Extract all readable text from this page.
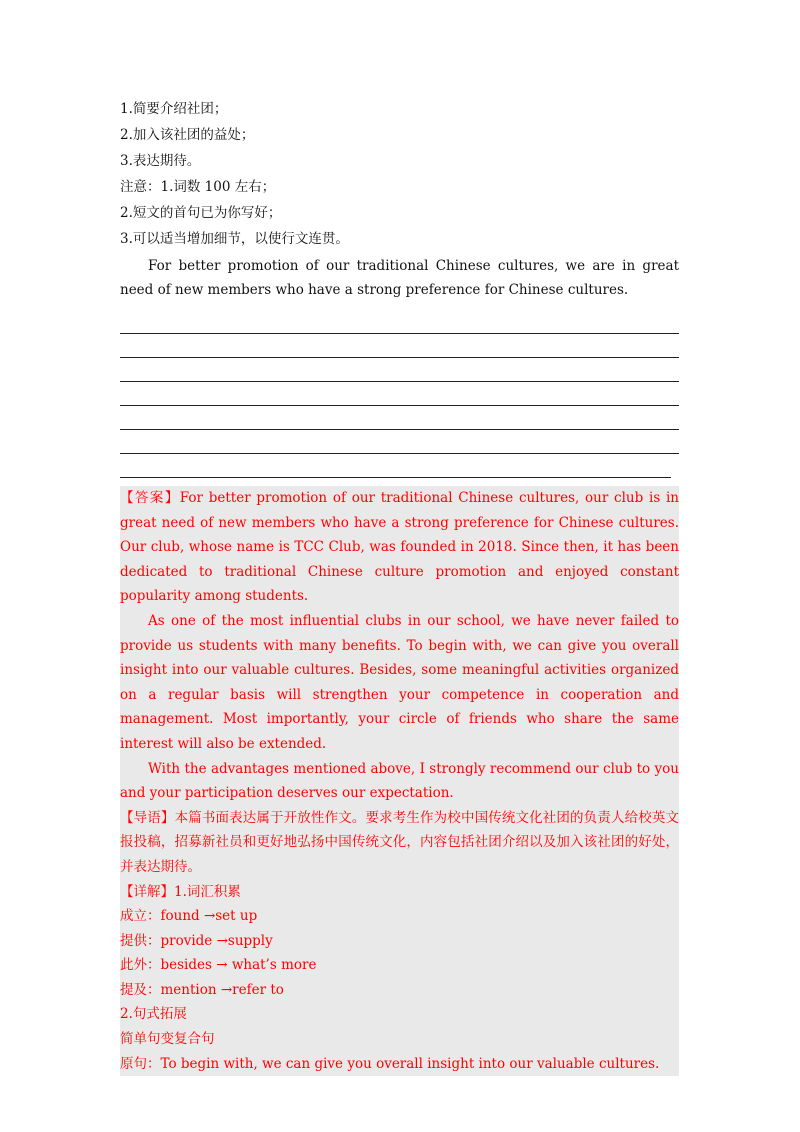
1.简要介绍社团；
2.加入该社团的益处；
3.表达期待。
注意：1.词数 100 左右；
2.短文的首句已为你写好；
3.可以适当增加细节，以使行文连贯。

For better promotion of our traditional Chinese cultures, we are in great need of new members who have a strong preference for Chinese cultures.

【答案】For better promotion of our traditional Chinese cultures, our club is in great need of new members who have a strong preference for Chinese cultures. Our club, whose name is TCC Club, was founded in 2018. Since then, it has been dedicated to traditional Chinese culture promotion and enjoyed constant popularity among students.

As one of the most influential clubs in our school, we have never failed to provide us students with many benefits. To begin with, we can give you overall insight into our valuable cultures. Besides, some meaningful activities organized on a regular basis will strengthen your competence in cooperation and management. Most importantly, your circle of friends who share the same interest will also be extended.

With the advantages mentioned above, I strongly recommend our club to you and your participation deserves our expectation.

【导语】本篇书面表达属于开放性作文。要求考生作为校中国传统文化社团的负责人给校英文报投稿，招募新社员和更好地弘扬中国传统文化，内容包括社团介绍以及加入该社团的好处，并表达期待。

【详解】1.词汇积累

成立：found →set up

提供：provide →supply

此外：besides → what’s more

提及：mention →refer to

2.句式拓展

简单句变复合句

原句：To begin with, we can give you overall insight into our valuable cultures.
